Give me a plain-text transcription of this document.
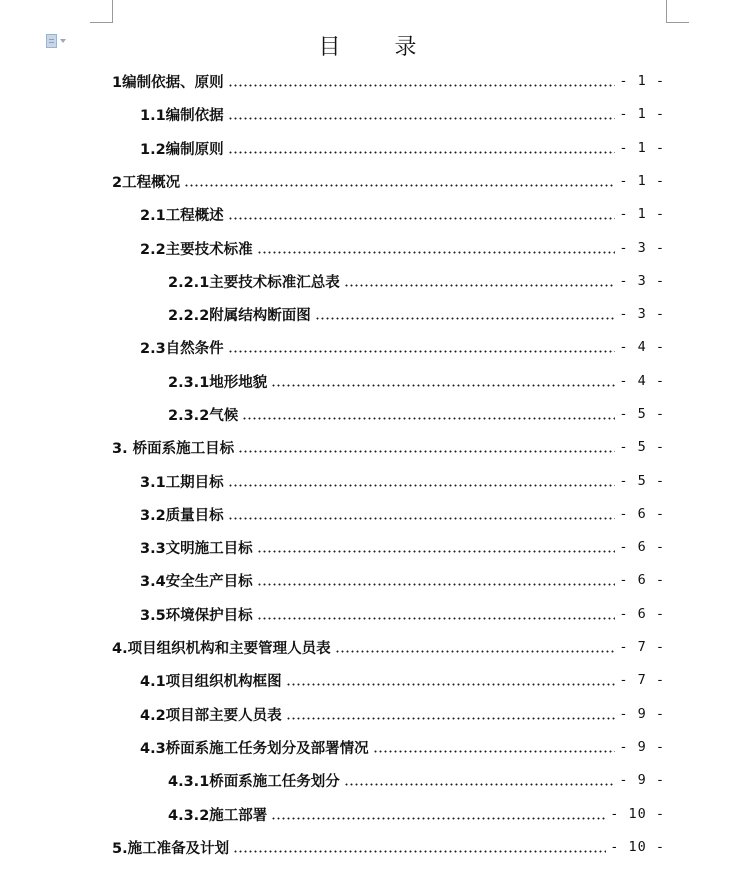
目　录
1编制依据、原则	- 1 -
1.1编制依据	- 1 -
1.2编制原则	- 1 -
2工程概况	- 1 -
2.1工程概述	- 1 -
2.2主要技术标准	- 3 -
2.2.1主要技术标准汇总表	- 3 -
2.2.2附属结构断面图	- 3 -
2.3自然条件	- 4 -
2.3.1地形地貌	- 4 -
2.3.2气候	- 5 -
3. 桥面系施工目标	- 5 -
3.1工期目标	- 5 -
3.2质量目标	- 6 -
3.3文明施工目标	- 6 -
3.4安全生产目标	- 6 -
3.5环境保护目标	- 6 -
4.项目组织机构和主要管理人员表	- 7 -
4.1项目组织机构框图	- 7 -
4.2项目部主要人员表	- 9 -
4.3桥面系施工任务划分及部署情况	- 9 -
4.3.1桥面系施工任务划分	- 9 -
4.3.2施工部署	- 10 -
5.施工准备及计划	- 10 -
